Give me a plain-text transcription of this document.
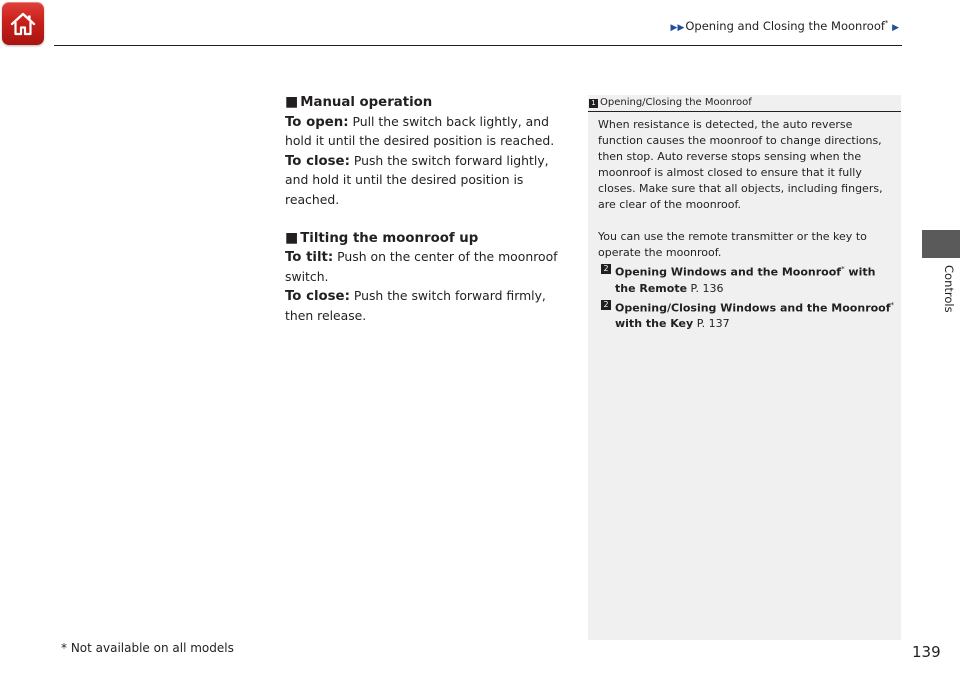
▶▶Opening and Closing the Moonroof* ▶

■ Manual operation

To open: Pull the switch back lightly, and hold it until the desired position is reached.

To close: Push the switch forward lightly, and hold it until the desired position is reached.

■ Tilting the moonroof up

To tilt: Push on the center of the moonroof switch.

To close: Push the switch forward firmly, then release.

1 Opening/Closing the Moonroof

When resistance is detected, the auto reverse function causes the moonroof to change directions, then stop. Auto reverse stops sensing when the moonroof is almost closed to ensure that it fully closes. Make sure that all objects, including fingers, are clear of the moonroof.

You can use the remote transmitter or the key to operate the moonroof.

2 Opening Windows and the Moonroof* with the Remote P. 136

2 Opening/Closing Windows and the Moonroof* with the Key P. 137

Controls
* Not available on all models	139
